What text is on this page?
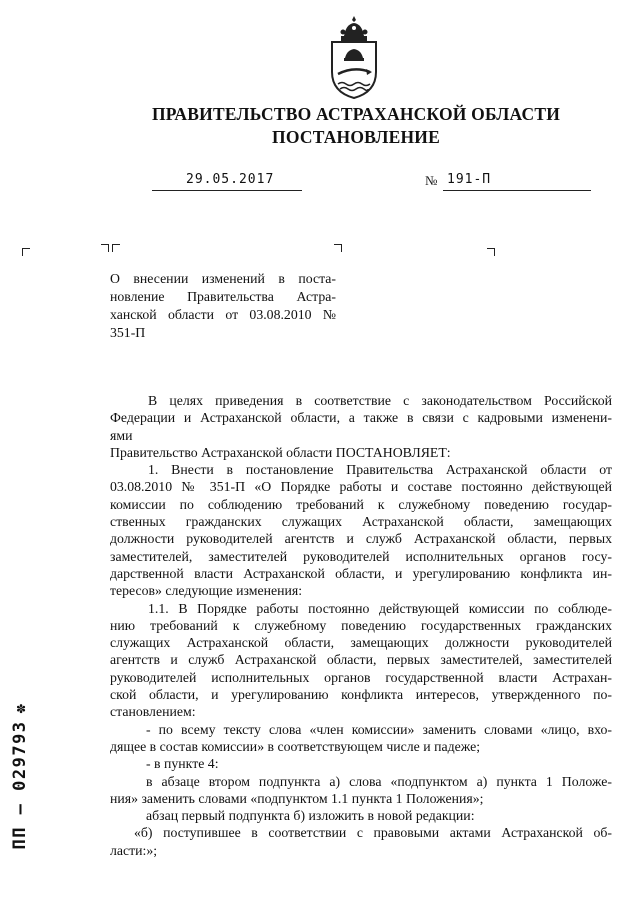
ПРАВИТЕЛЬСТВО АСТРАХАНСКОЙ ОБЛАСТИ
ПОСТАНОВЛЕНИЕ
29.05.2017	№ 191-П
О внесении изменений в поста-
новление Правительства Астра-
ханской области от 03.08.2010 №
351-П
В целях приведения в соответствие с законодательством Российской
Федерации и Астраханской области, а также в связи с кадровыми изменени-
ями
Правительство Астраханской области ПОСТАНОВЛЯЕТ:
1. Внести в постановление Правительства Астраханской области от
03.08.2010 № 351-П «О Порядке работы и составе постоянно действующей
комиссии по соблюдению требований к служебному поведению государ-
ственных гражданских служащих Астраханской области, замещающих
должности руководителей агентств и служб Астраханской области, первых
заместителей, заместителей руководителей исполнительных органов госу-
дарственной власти Астраханской области, и урегулированию конфликта ин-
тересов» следующие изменения:
1.1. В Порядке работы постоянно действующей комиссии по соблюде-
нию требований к служебному поведению государственных гражданских
служащих Астраханской области, замещающих должности руководителей
агентств и служб Астраханской области, первых заместителей, заместителей
руководителей исполнительных органов государственной власти Астрахан-
ской области, и урегулированию конфликта интересов, утвержденного по-
становлением:
- по всему тексту слова «член комиссии» заменить словами «лицо, вхо-
дящее в состав комиссии» в соответствующем числе и падеже;
- в пункте 4:
в абзаце втором подпункта а) слова «подпунктом а) пункта 1 Положе-
ния» заменить словами «подпунктом 1.1 пункта 1 Положения»;
абзац первый подпункта б) изложить в новой редакции:
«б) поступившее в соответствии с правовыми актами Астраханской об-
ласти:»;
✽
ПП – 029793
